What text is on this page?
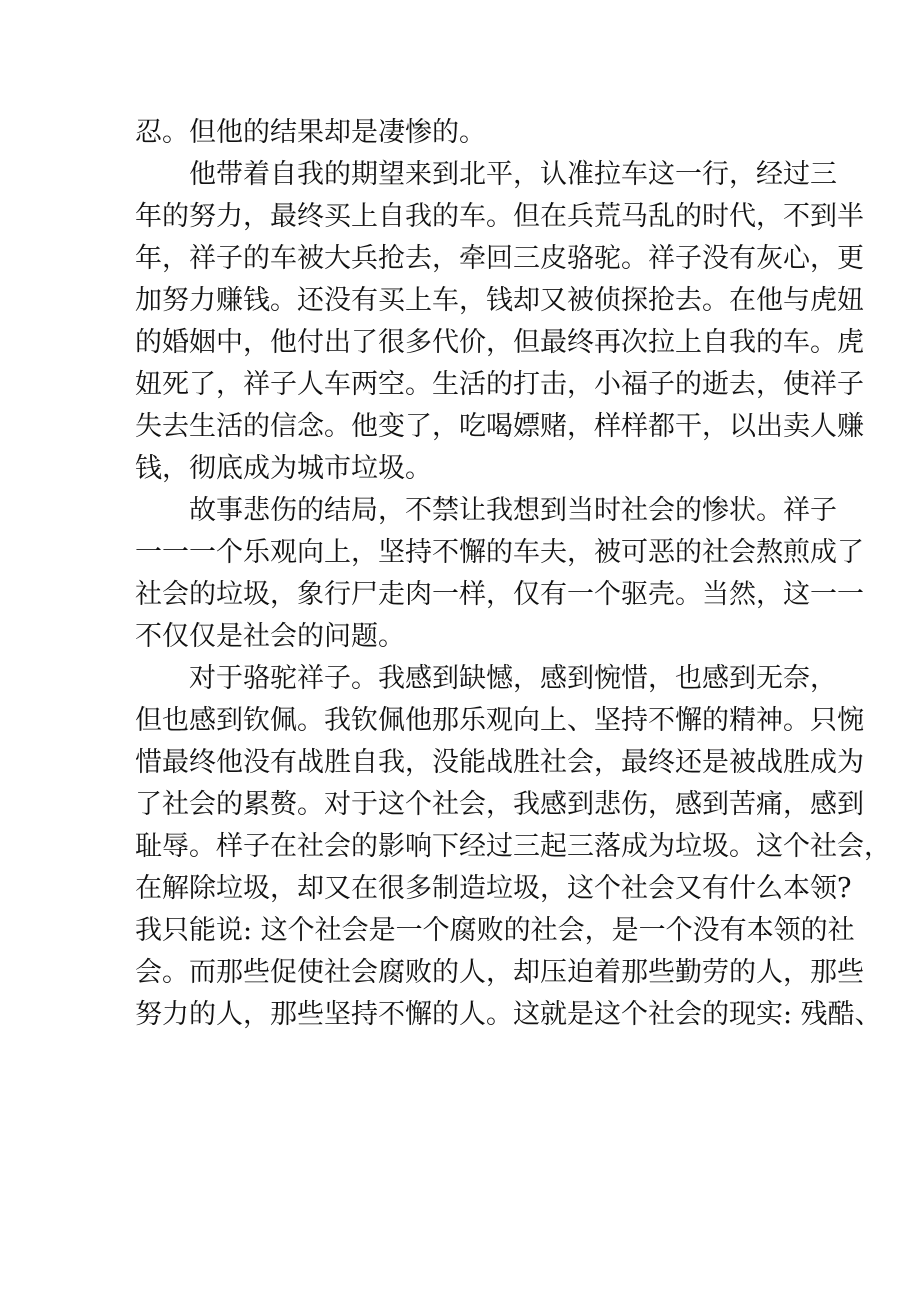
忍。但他的结果却是凄惨的。
他带着自我的期望来到北平，认准拉车这一行，经过三
年的努力，最终买上自我的车。但在兵荒马乱的时代，不到半
年，祥子的车被大兵抢去，牵回三皮骆驼。祥子没有灰心，更
加努力赚钱。还没有买上车，钱却又被侦探抢去。在他与虎妞
的婚姻中，他付出了很多代价，但最终再次拉上自我的车。虎
妞死了，祥子人车两空。生活的打击，小福子的逝去，使祥子
失去生活的信念。他变了，吃喝嫖赌，样样都干，以出卖人赚
钱，彻底成为城市垃圾。
故事悲伤的结局，不禁让我想到当时社会的惨状。祥子
一一一个乐观向上，坚持不懈的车夫，被可恶的社会熬煎成了
社会的垃圾，象行尸走肉一样，仅有一个驱壳。当然，这一一
不仅仅是社会的问题。
对于骆驼祥子。我感到缺憾，感到惋惜，也感到无奈，
但也感到钦佩。我钦佩他那乐观向上、坚持不懈的精神。只惋
惜最终他没有战胜自我，没能战胜社会，最终还是被战胜成为
了社会的累赘。对于这个社会，我感到悲伤，感到苦痛，感到
耻辱。样子在社会的影响下经过三起三落成为垃圾。这个社会，
在解除垃圾，却又在很多制造垃圾，这个社会又有什么本领?
我只能说: 这个社会是一个腐败的社会，是一个没有本领的社
会。而那些促使社会腐败的人，却压迫着那些勤劳的人，那些
努力的人，那些坚持不懈的人。这就是这个社会的现实: 残酷、
